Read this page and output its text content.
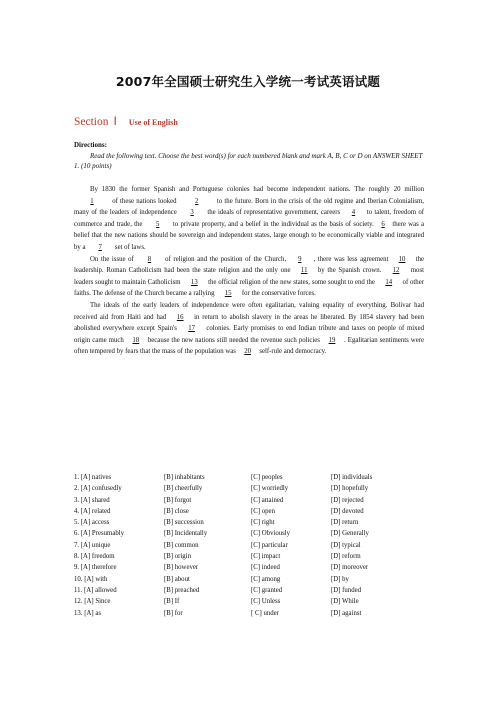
2007年全国硕士研究生入学统一考试英语试题
Section Ⅰ Use of English
Directions:
Read the following text. Choose the best word(s) for each numbered blank and mark A, B, C or D on ANSWER SHEET 1. (10 points)

By 1830 the former Spanish and Portuguese colonies had become independent nations. The roughly 20 million 1 of these nations looked 2 to the future. Born in the crisis of the old regime and Iberian Colonialism, many of the leaders of independence 3 the ideals of representative government, careers 4 to talent, freedom of commerce and trade, the 5 to private property, and a belief in the individual as the basis of society. 6 there was a belief that the new nations should be sovereign and independent states, large enough to be economically viable and integrated by a 7 set of laws.

On the issue of 8 of religion and the position of the Church, 9 , there was less agreement 10 the leadership. Roman Catholicism had been the state religion and the only one 11 by the Spanish crown. 12 most leaders sought to maintain Catholicism 13 the official religion of the new states, some sought to end the 14 of other faiths. The defense of the Church became a rallying 15 for the conservative forces.

The ideals of the early leaders of independence were often egalitarian, valuing equality of everything. Bolivar had received aid from Haiti and had 16 in return to abolish slavery in the areas he liberated. By 1854 slavery had been abolished everywhere except Spain's 17 colonies. Early promises to end Indian tribute and taxes on people of mixed origin came much 18 because the new nations still needed the revenue such policies 19 . Egalitarian sentiments were often tempered by fears that the mass of the population was 20 self-rule and democracy.

1. [A] natives	[B] inhabitants	[C] peoples	[D] individuals
2. [A] confusedly	[B] cheerfully	[C] worriedly	[D] hopefully
3. [A] shared	[B] forgot	[C] attained	[D] rejected
4. [A] related	[B] close	[C] open	[D] devoted
5. [A] access	[B] succession	[C] right	[D] return
6. [A] Presumably	[B] Incidentally	[C] Obviously	[D] Generally
7. [A] unique	[B] common	[C] particular	[D] typical
8. [A] freedom	[B] origin	[C] impact	[D] reform
9. [A] therefore	[B] however	[C] indeed	[D] moreover
10. [A] with	[B] about	[C] among	[D] by
11. [A] allowed	[B] preached	[C] granted	[D] funded
12. [A] Since	[B] If	[C] Unless	[D] While
13. [A] as	[B] for	[ C] under	[D] against
